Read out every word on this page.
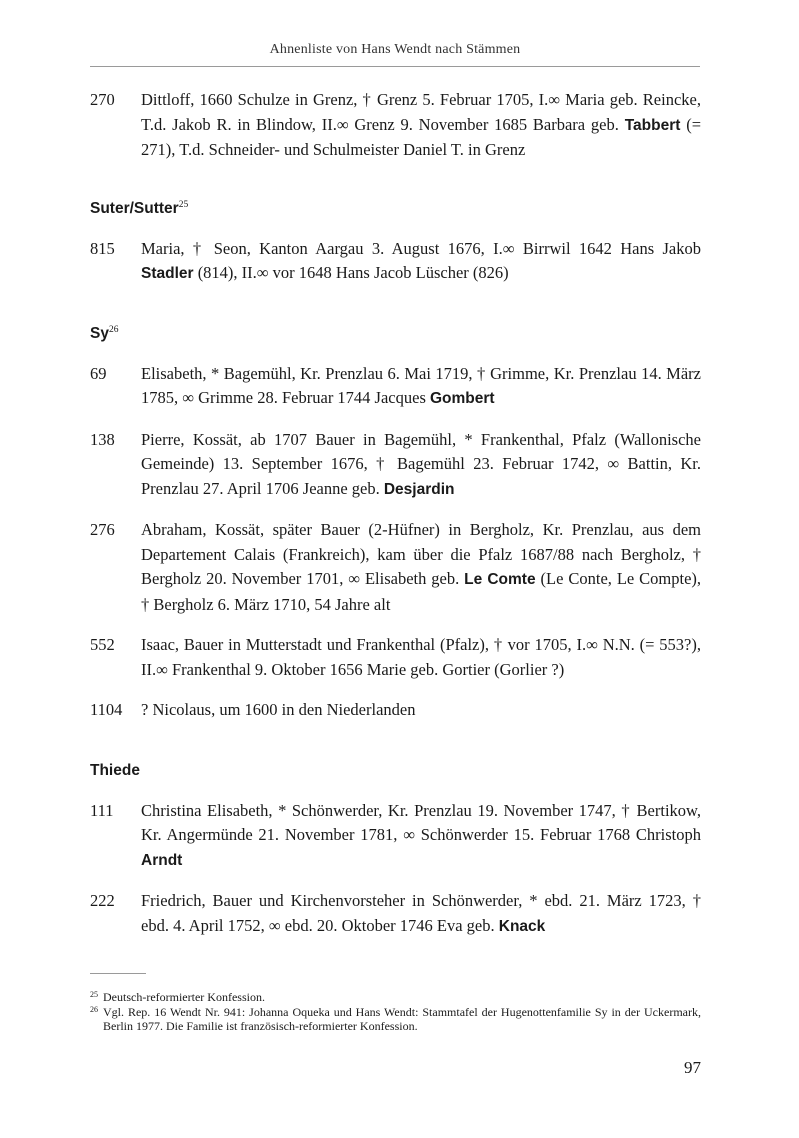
Ahnenliste von Hans Wendt nach Stämmen
270	Dittloff, 1660 Schulze in Grenz, † Grenz 5. Februar 1705, I.∞ Maria geb. Reincke, T.d. Jakob R. in Blindow, II.∞ Grenz 9. November 1685 Barbara geb. Tabbert (= 271), T.d. Schneider- und Schulmeister Daniel T. in Grenz
Suter/Sutter$^{25}$
815	Maria, † Seon, Kanton Aargau 3. August 1676, I.∞ Birrwil 1642 Hans Jakob Stadler (814), II.∞ vor 1648 Hans Jacob Lüscher (826)
Sy$^{26}$
69	Elisabeth, * Bagemühl, Kr. Prenzlau 6. Mai 1719, † Grimme, Kr. Prenzlau 14. März 1785, ∞ Grimme 28. Februar 1744 Jacques Gombert
138	Pierre, Kossät, ab 1707 Bauer in Bagemühl, * Frankenthal, Pfalz (Wallonische Gemeinde) 13. September 1676, † Bagemühl 23. Februar 1742, ∞ Battin, Kr. Prenzlau 27. April 1706 Jeanne geb. Desjardin
276	Abraham, Kossät, später Bauer (2-Hüfner) in Bergholz, Kr. Prenzlau, aus dem Departement Calais (Frankreich), kam über die Pfalz 1687/88 nach Bergholz, † Bergholz 20. November 1701, ∞ Elisabeth geb. Le Comte (Le Conte, Le Compte), † Bergholz 6. März 1710, 54 Jahre alt
552	Isaac, Bauer in Mutterstadt und Frankenthal (Pfalz), † vor 1705, I.∞ N.N. (= 553?), II.∞ Frankenthal 9. Oktober 1656 Marie geb. Gortier (Gorlier ?)
1104	? Nicolaus, um 1600 in den Niederlanden
Thiede
111	Christina Elisabeth, * Schönwerder, Kr. Prenzlau 19. November 1747, † Bertikow, Kr. Angermünde 21. November 1781, ∞ Schönwerder 15. Februar 1768 Christoph Arndt
222	Friedrich, Bauer und Kirchenvorsteher in Schönwerder, * ebd. 21. März 1723, † ebd. 4. April 1752, ∞ ebd. 20. Oktober 1746 Eva geb. Knack
25 Deutsch-reformierter Konfession.
26 Vgl. Rep. 16 Wendt Nr. 941: Johanna Oqueka und Hans Wendt: Stammtafel der Hugenottenfamilie Sy in der Uckermark, Berlin 1977. Die Familie ist französisch-reformierter Konfession.
97
